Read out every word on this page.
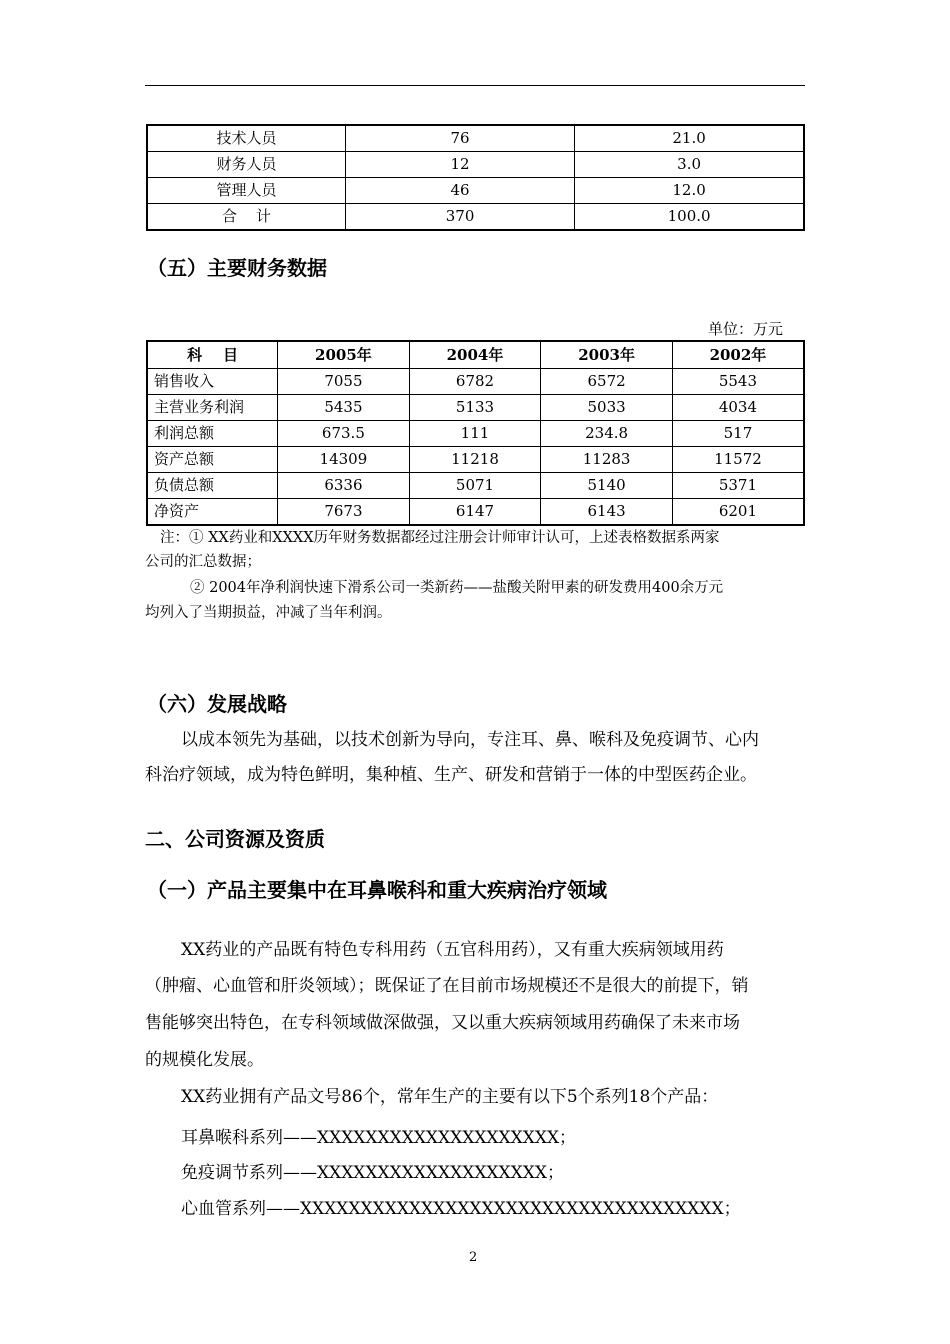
技术人员	76	21.0
财务人员	12	3.0
管理人员	46	12.0
合    计	370	100.0
（五）主要财务数据
单位：万元
科    目	2005年	2004年	2003年	2002年
销售收入	7055	6782	6572	5543
主营业务利润	5435	5133	5033	4034
利润总额	673.5	111	234.8	517
资产总额	14309	11218	11283	11572
负债总额	6336	5071	5140	5371
净资产	7673	6147	6143	6201
注：① XX药业和XXXX历年财务数据都经过注册会计师审计认可，上述表格数据系两家
公司的汇总数据；
② 2004年净利润快速下滑系公司一类新药——盐酸关附甲素的研发费用400余万元
均列入了当期损益，冲减了当年利润。
（六）发展战略
以成本领先为基础，以技术创新为导向，专注耳、鼻、喉科及免疫调节、心内
科治疗领域，成为特色鲜明，集种植、生产、研发和营销于一体的中型医药企业。
二、公司资源及资质
（一）产品主要集中在耳鼻喉科和重大疾病治疗领域
XX药业的产品既有特色专科用药（五官科用药），又有重大疾病领域用药
（肿瘤、心血管和肝炎领域）；既保证了在目前市场规模还不是很大的前提下，销
售能够突出特色，在专科领域做深做强，又以重大疾病领域用药确保了未来市场
的规模化发展。
XX药业拥有产品文号86个，常年生产的主要有以下5个系列18个产品：
耳鼻喉科系列——XXXXXXXXXXXXXXXXXXXX；
免疫调节系列——XXXXXXXXXXXXXXXXXXX；
心血管系列——XXXXXXXXXXXXXXXXXXXXXXXXXXXXXXXXXXX；
2
